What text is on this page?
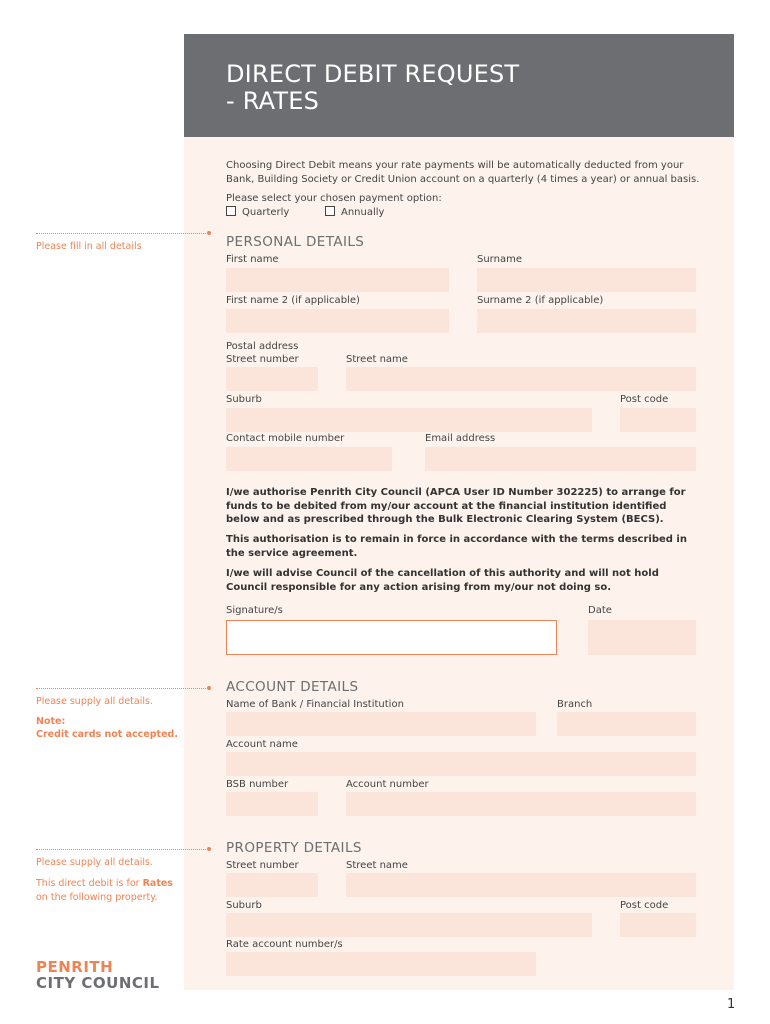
DIRECT DEBIT REQUEST
- RATES
Choosing Direct Debit means your rate payments will be automatically deducted from your Bank, Building Society or Credit Union account on a quarterly (4 times a year) or annual basis.
Please select your chosen payment option:
Quarterly	Annually
Please fill in all details	PERSONAL DETAILS
First name	Surname
First name 2 (if applicable)	Surname 2 (if applicable)
Postal address
Street number	Street name
Suburb	Post code
Contact mobile number	Email address
I/we authorise Penrith City Council (APCA User ID Number 302225) to arrange for funds to be debited from my/our account at the financial institution identified below and as prescribed through the Bulk Electronic Clearing System (BECS).
This authorisation is to remain in force in accordance with the terms described in the service agreement.
I/we will advise Council of the cancellation of this authority and will not hold Council responsible for any action arising from my/our not doing so.
Signature/s	Date
Please supply all details.
Note:
Credit cards not accepted.
ACCOUNT DETAILS
Name of Bank / Financial Institution	Branch
Account name
BSB number	Account number
Please supply all details.
This direct debit is for Rates
on the following property.
PROPERTY DETAILS
Street number	Street name
Suburb	Post code
Rate account number/s
PENRITH
CITY COUNCIL
1
